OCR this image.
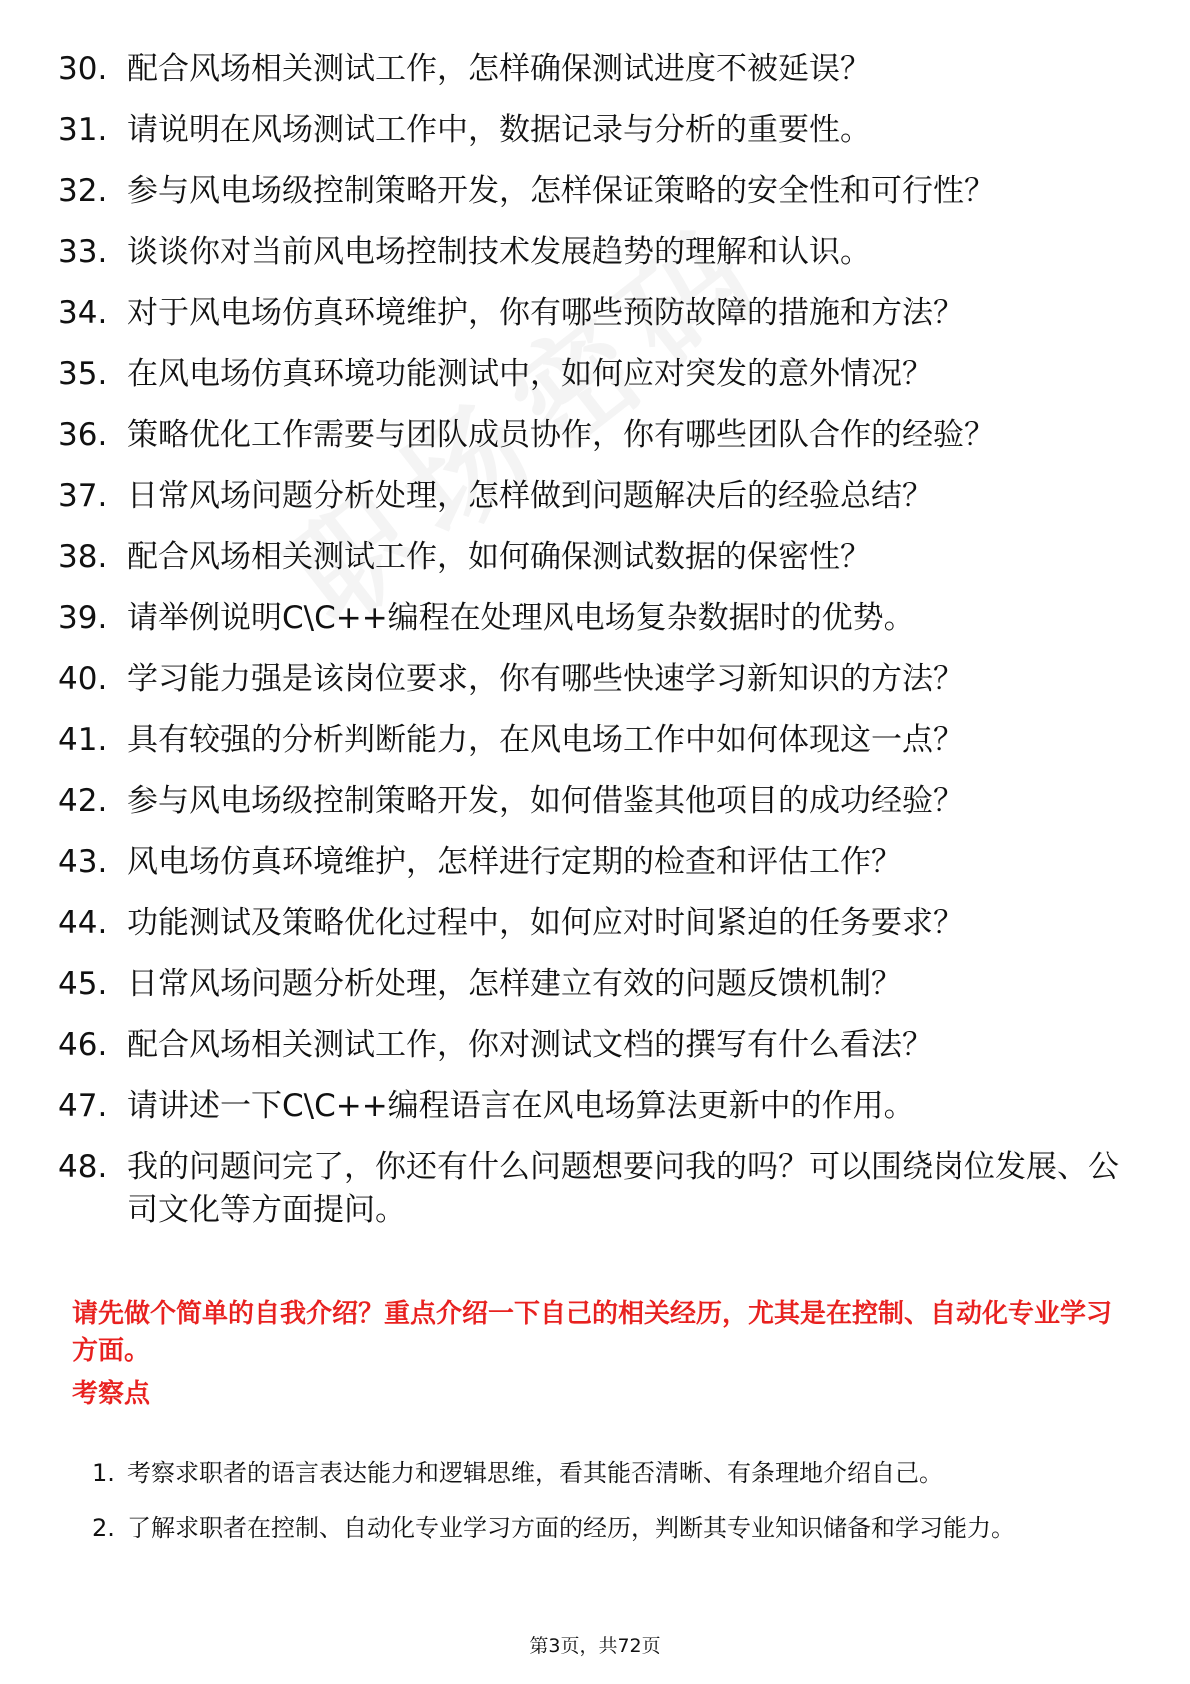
30. 配合风场相关测试工作，怎样确保测试进度不被延误？
31. 请说明在风场测试工作中，数据记录与分析的重要性。
32. 参与风电场级控制策略开发，怎样保证策略的安全性和可行性？
33. 谈谈你对当前风电场控制技术发展趋势的理解和认识。
34. 对于风电场仿真环境维护，你有哪些预防故障的措施和方法？
35. 在风电场仿真环境功能测试中，如何应对突发的意外情况？
36. 策略优化工作需要与团队成员协作，你有哪些团队合作的经验？
37. 日常风场问题分析处理，怎样做到问题解决后的经验总结？
38. 配合风场相关测试工作，如何确保测试数据的保密性？
39. 请举例说明C\C++编程在处理风电场复杂数据时的优势。
40. 学习能力强是该岗位要求，你有哪些快速学习新知识的方法？
41. 具有较强的分析判断能力，在风电场工作中如何体现这一点？
42. 参与风电场级控制策略开发，如何借鉴其他项目的成功经验？
43. 风电场仿真环境维护，怎样进行定期的检查和评估工作？
44. 功能测试及策略优化过程中，如何应对时间紧迫的任务要求？
45. 日常风场问题分析处理，怎样建立有效的问题反馈机制？
46. 配合风场相关测试工作，你对测试文档的撰写有什么看法？
47. 请讲述一下C\C++编程语言在风电场算法更新中的作用。
48. 我的问题问完了，你还有什么问题想要问我的吗？可以围绕岗位发展、公司文化等方面提问。
请先做个简单的自我介绍？重点介绍一下自己的相关经历，尤其是在控制、自动化专业学习方面。
考察点
1. 考察求职者的语言表达能力和逻辑思维，看其能否清晰、有条理地介绍自己。
2. 了解求职者在控制、自动化专业学习方面的经历，判断其专业知识储备和学习能力。
第3页，共72页
